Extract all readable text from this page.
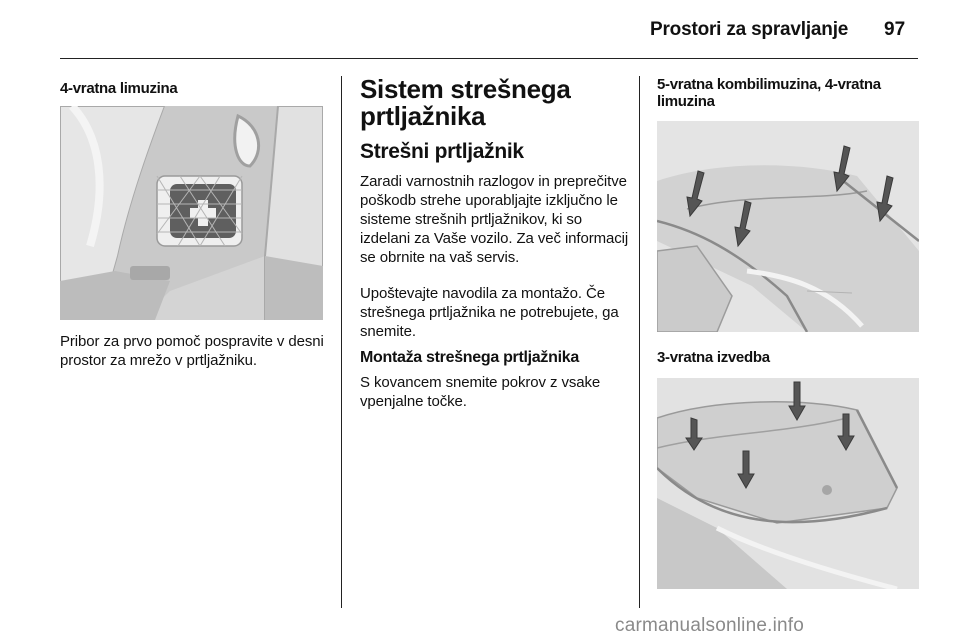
Prostori za spravljanje 97
4-vratna limuzina

Pribor za prvo pomoč pospravite v desni prostor za mrežo v prtljažniku.

Sistem strešnega prtljažnika
Strešni prtljažnik

Zaradi varnostnih razlogov in preprečitve poškodb strehe uporabljajte izključno le sisteme strešnih prtljažnikov, ki so izdelani za Vaše vozilo. Za več informacij se obrnite na vaš servis.

Upoštevajte navodila za montažo. Če strešnega prtljažnika ne potrebujete, ga snemite.

Montaža strešnega prtljažnika

S kovancem snemite pokrov z vsake vpenjalne točke.

5-vratna kombilimuzina, 4-vratna limuzina
3-vratna izvedba
carmanualsonline.info
